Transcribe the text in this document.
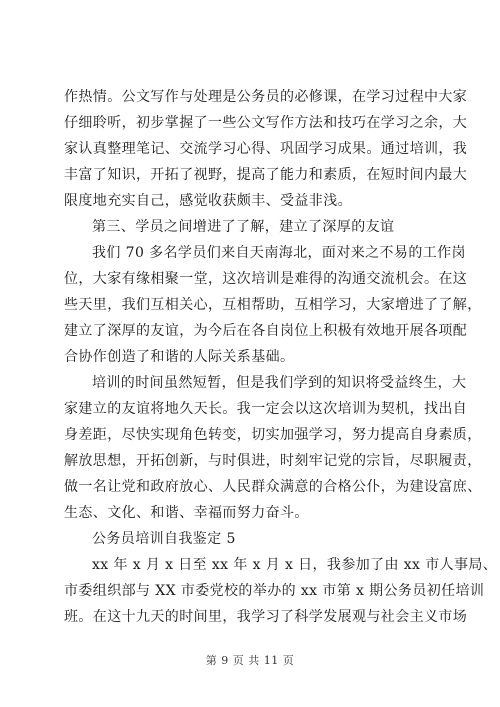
作热情。公文写作与处理是公务员的必修课，在学习过程中大家
仔细聆听，初步掌握了一些公文写作方法和技巧在学习之余，大
家认真整理笔记、交流学习心得、巩固学习成果。通过培训，我
丰富了知识，开拓了视野，提高了能力和素质，在短时间内最大
限度地充实自己，感觉收获颇丰、受益非浅。
第三、学员之间增进了了解，建立了深厚的友谊
我们 70 多名学员们来自天南海北，面对来之不易的工作岗
位，大家有缘相聚一堂，这次培训是难得的沟通交流机会。在这
些天里，我们互相关心，互相帮助，互相学习，大家增进了了解，
建立了深厚的友谊，为今后在各自岗位上积极有效地开展各项配
合协作创造了和谐的人际关系基础。
培训的时间虽然短暂，但是我们学到的知识将受益终生，大
家建立的友谊将地久天长。我一定会以这次培训为契机，找出自
身差距，尽快实现角色转变，切实加强学习，努力提高自身素质，
解放思想，开拓创新，与时俱进，时刻牢记党的宗旨，尽职履责，
做一名让党和政府放心、人民群众满意的合格公仆，为建设富庶、
生态、文化、和谐、幸福而努力奋斗。
公务员培训自我鉴定 5
xx 年 x 月 x 日至 xx 年 x 月 x 日，我参加了由 xx 市人事局、
市委组织部与 XX 市委党校的举办的 xx 市第 x 期公务员初任培训
班。在这十九天的时间里，我学习了科学发展观与社会主义市场
第 9 页 共 11 页
